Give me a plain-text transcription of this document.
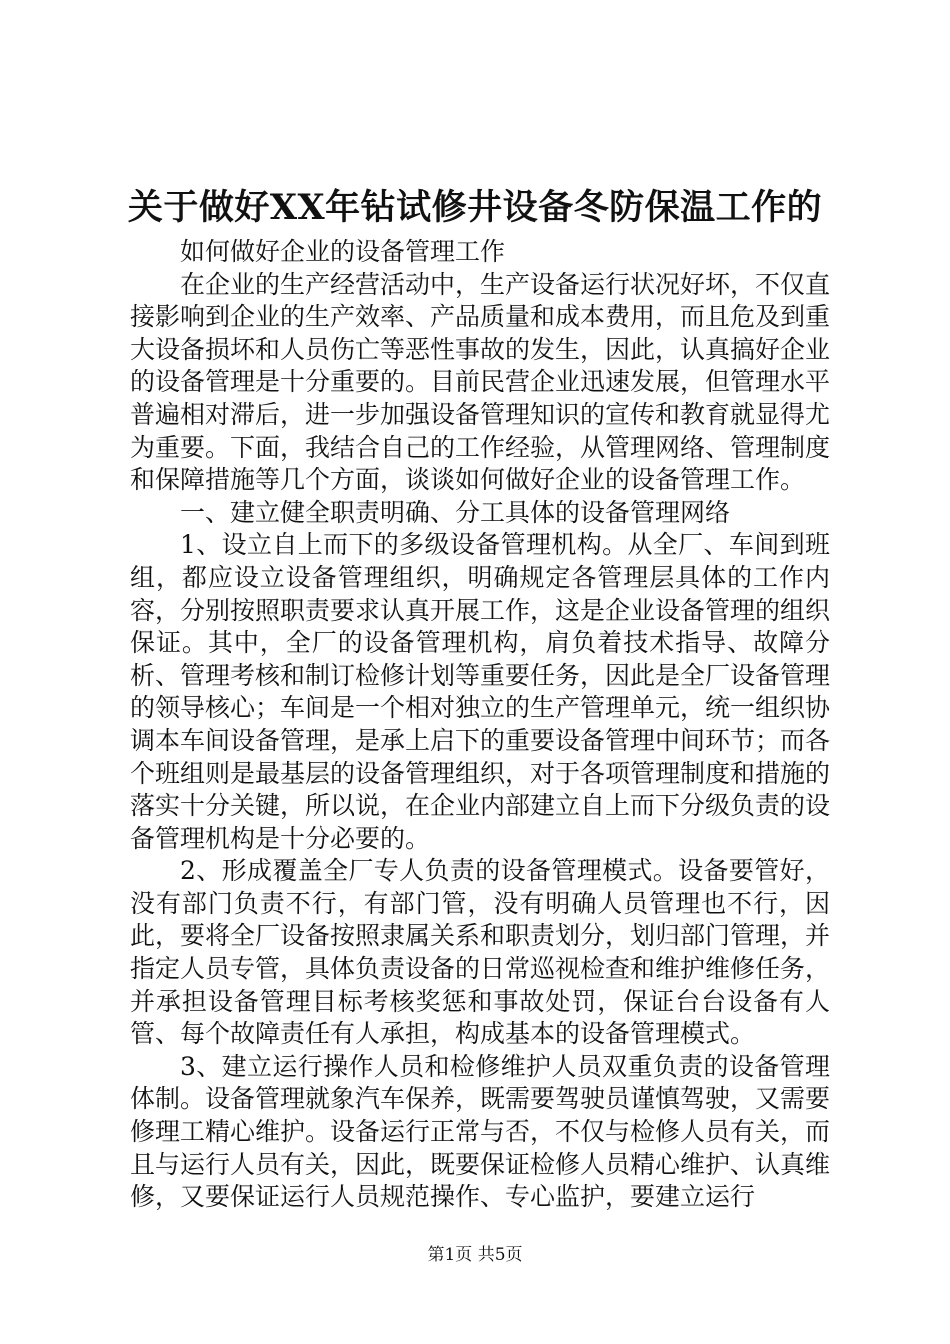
关于做好XX年钻试修井设备冬防保温工作的

如何做好企业的设备管理工作

在企业的生产经营活动中，生产设备运行状况好坏，不仅直接影响到企业的生产效率、产品质量和成本费用，而且危及到重大设备损坏和人员伤亡等恶性事故的发生，因此，认真搞好企业的设备管理是十分重要的。目前民营企业迅速发展，但管理水平普遍相对滞后，进一步加强设备管理知识的宣传和教育就显得尤为重要。下面，我结合自己的工作经验，从管理网络、管理制度和保障措施等几个方面，谈谈如何做好企业的设备管理工作。

一、建立健全职责明确、分工具体的设备管理网络

1、设立自上而下的多级设备管理机构。从全厂、车间到班组，都应设立设备管理组织，明确规定各管理层具体的工作内容，分别按照职责要求认真开展工作，这是企业设备管理的组织保证。其中，全厂的设备管理机构，肩负着技术指导、故障分析、管理考核和制订检修计划等重要任务，因此是全厂设备管理的领导核心；车间是一个相对独立的生产管理单元，统一组织协调本车间设备管理，是承上启下的重要设备管理中间环节；而各个班组则是最基层的设备管理组织，对于各项管理制度和措施的落实十分关键，所以说，在企业内部建立自上而下分级负责的设备管理机构是十分必要的。

2、形成覆盖全厂专人负责的设备管理模式。设备要管好，没有部门负责不行，有部门管，没有明确人员管理也不行，因此，要将全厂设备按照隶属关系和职责划分，划归部门管理，并指定人员专管，具体负责设备的日常巡视检查和维护维修任务，并承担设备管理目标考核奖惩和事故处罚，保证台台设备有人管、每个故障责任有人承担，构成基本的设备管理模式。

3、建立运行操作人员和检修维护人员双重负责的设备管理体制。设备管理就象汽车保养，既需要驾驶员谨慎驾驶，又需要修理工精心维护。设备运行正常与否，不仅与检修人员有关，而且与运行人员有关，因此，既要保证检修人员精心维护、认真维修，又要保证运行人员规范操作、专心监护，要建立运行

第1页 共5页
